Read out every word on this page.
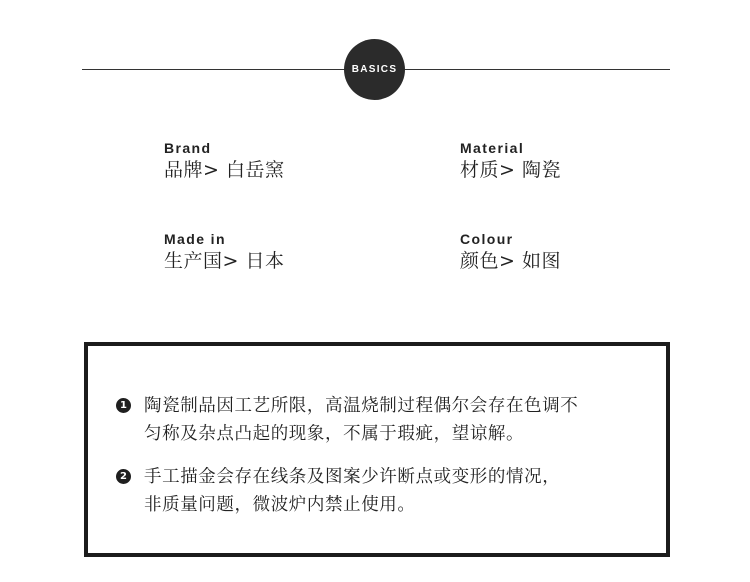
BASICS
Brand
品牌> 白岳窯
Material
材质> 陶瓷
Made in
生产国> 日本
Colour
颜色> 如图
1 陶瓷制品因工艺所限，高温烧制过程偶尔会存在色调不
匀称及杂点凸起的现象，不属于瑕疵，望谅解。
2 手工描金会存在线条及图案少许断点或变形的情况，
非质量问题，微波炉内禁止使用。
